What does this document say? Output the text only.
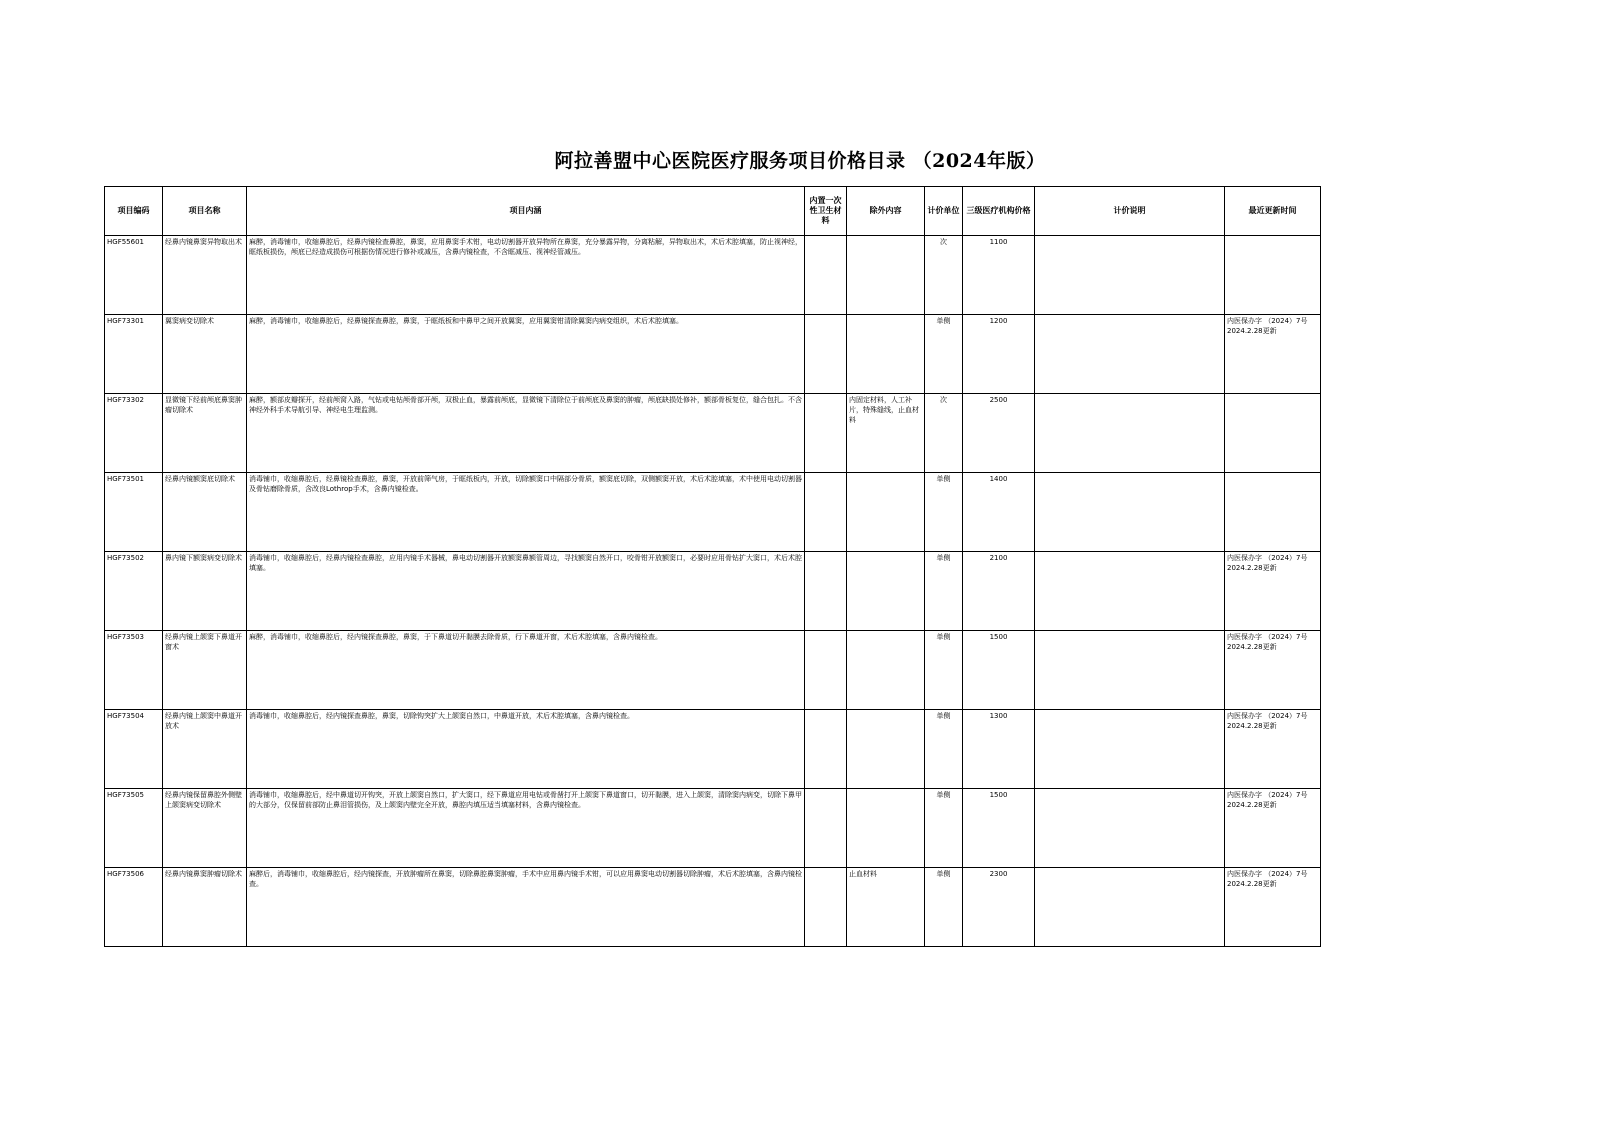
阿拉善盟中心医院医疗服务项目价格目录 （2024年版）
项目编码	项目名称	项目内涵	内置一次性卫生材料	除外内容	计价单位	三级医疗机构价格	计价说明	最近更新时间
HGF55601	经鼻内镜鼻窦异物取出术	麻醉，消毒铺巾，收缩鼻腔后，经鼻内镜检查鼻腔，鼻窦，应用鼻窦手术钳，电动切割器开放异物所在鼻窦，充分暴露异物，分离粘解，异物取出术，术后术腔填塞，防止视神经，眶纸板损伤，颅底已经造成损伤可根据伤情况进行修补或减压，含鼻内镜检查，不含眶减压、视神经管减压。			次	1100		
HGF73301	翼窦病变切除术	麻醉，消毒铺巾，收缩鼻腔后，经鼻镜探查鼻腔，鼻窦，于眶纸板和中鼻甲之间开放翼窦，应用翼窦钳清除翼窦内病变组织，术后术腔填塞。			单侧	1200		内医保办字 （2024）7号 2024.2.28更新
HGF73302	显微镜下经前颅底鼻窦肿瘤切除术	麻醉，额部皮瓣探开，经前颅窝入路，气钻或电钻颅骨部开颅，双极止血，暴露前颅底，显微镜下清除位于前颅底及鼻窦的肿瘤，颅底缺损处修补，额部骨板复位，缝合包扎。不含神经外科手术导航引导、神经电生理监测。		内固定材料，人工补片，特殊缝线，止血材料	次	2500		
HGF73501	经鼻内镜额窦底切除术	消毒铺巾，收缩鼻腔后，经鼻镜检查鼻腔，鼻窦，开放前筛气房，于眶纸板内，开放，切除额窦口中隔部分骨质，额窦底切除，双侧额窦开放，术后术腔填塞，术中使用电动切割器及骨钻磨除骨质，含改良Lothrop手术，含鼻内镜检查。			单侧	1400		
HGF73502	鼻内镜下额窦病变切除术	消毒铺巾，收缩鼻腔后，经鼻内镜检查鼻腔，应用内镜手术器械，鼻电动切割器开放额窦鼻额管周边，寻找额窦自然开口，咬骨钳开放额窦口，必要时应用骨钻扩大窦口，术后术腔填塞。			单侧	2100		内医保办字 （2024）7号 2024.2.28更新
HGF73503	经鼻内镜上颌窦下鼻道开窗术	麻醉，消毒铺巾，收缩鼻腔后，经内镜探查鼻腔，鼻窦，于下鼻道切开黏膜去除骨质，行下鼻道开窗，术后术腔填塞，含鼻内镜检查。			单侧	1500		内医保办字 （2024）7号 2024.2.28更新
HGF73504	经鼻内镜上颌窦中鼻道开放术	消毒铺巾，收缩鼻腔后，经内镜探查鼻腔，鼻窦，切除钩突扩大上颌窦自然口，中鼻道开放，术后术腔填塞，含鼻内镜检查。			单侧	1300		内医保办字 （2024）7号 2024.2.28更新
HGF73505	经鼻内镜保留鼻腔外侧壁上颌窦病变切除术	消毒铺巾，收缩鼻腔后，经中鼻道切开钩突，开放上颌窦自然口，扩大窦口，经下鼻道应用电钻或骨凿打开上颌窦下鼻道窗口，切开黏膜，进入上颌窦，清除窦内病变，切除下鼻甲的大部分，仅保留前部防止鼻泪管损伤，及上颌窦内壁完全开放，鼻腔内填压适当填塞材料，含鼻内镜检查。			单侧	1500		内医保办字 （2024）7号 2024.2.28更新
HGF73506	经鼻内镜鼻窦肿瘤切除术	麻醉后，消毒铺巾，收缩鼻腔后，经内镜探查，开放肿瘤所在鼻窦，切除鼻腔鼻窦肿瘤，手术中应用鼻内镜手术钳，可以应用鼻窦电动切割器切除肿瘤，术后术腔填塞，含鼻内镜检查。		止血材料	单侧	2300		内医保办字 （2024）7号 2024.2.28更新
